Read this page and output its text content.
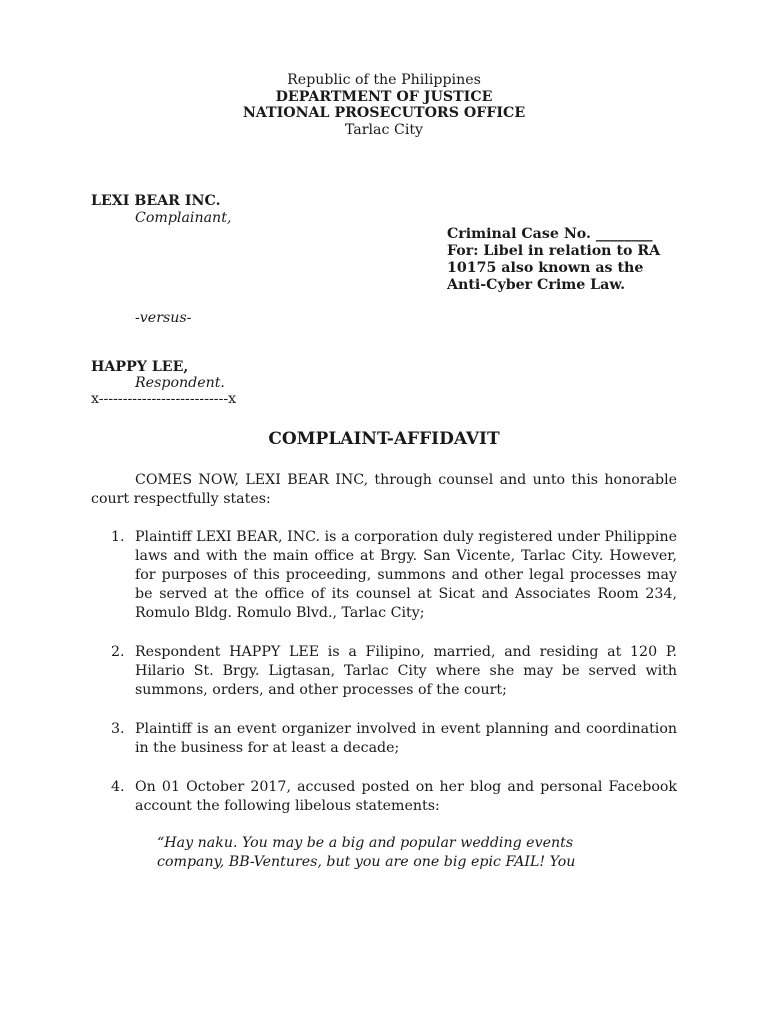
Republic of the Philippines
DEPARTMENT OF JUSTICE
NATIONAL PROSECUTORS OFFICE
Tarlac City
LEXI BEAR INC.
Complainant,
Criminal Case No. ________
For: Libel in relation to RA
10175 also known as the
Anti-Cyber Crime Law.
-versus-
HAPPY LEE,
Respondent.
x---------------------------x
COMPLAINT-AFFIDAVIT
COMES NOW, LEXI BEAR INC, through counsel and unto this honorable court respectfully states:
1. Plaintiff LEXI BEAR, INC. is a corporation duly registered under Philippine laws and with the main office at Brgy. San Vicente, Tarlac City. However, for purposes of this proceeding, summons and other legal processes may be served at the office of its counsel at Sicat and Associates Room 234, Romulo Bldg. Romulo Blvd., Tarlac City;
2. Respondent HAPPY LEE is a Filipino, married, and residing at 120 P. Hilario St. Brgy. Ligtasan, Tarlac City where she may be served with summons, orders, and other processes of the court;
3. Plaintiff is an event organizer involved in event planning and coordination in the business for at least a decade;
4. On 01 October 2017, accused posted on her blog and personal Facebook account the following libelous statements:
“Hay naku. You may be a big and popular wedding events
company, BB-Ventures, but you are one big epic FAIL! You
